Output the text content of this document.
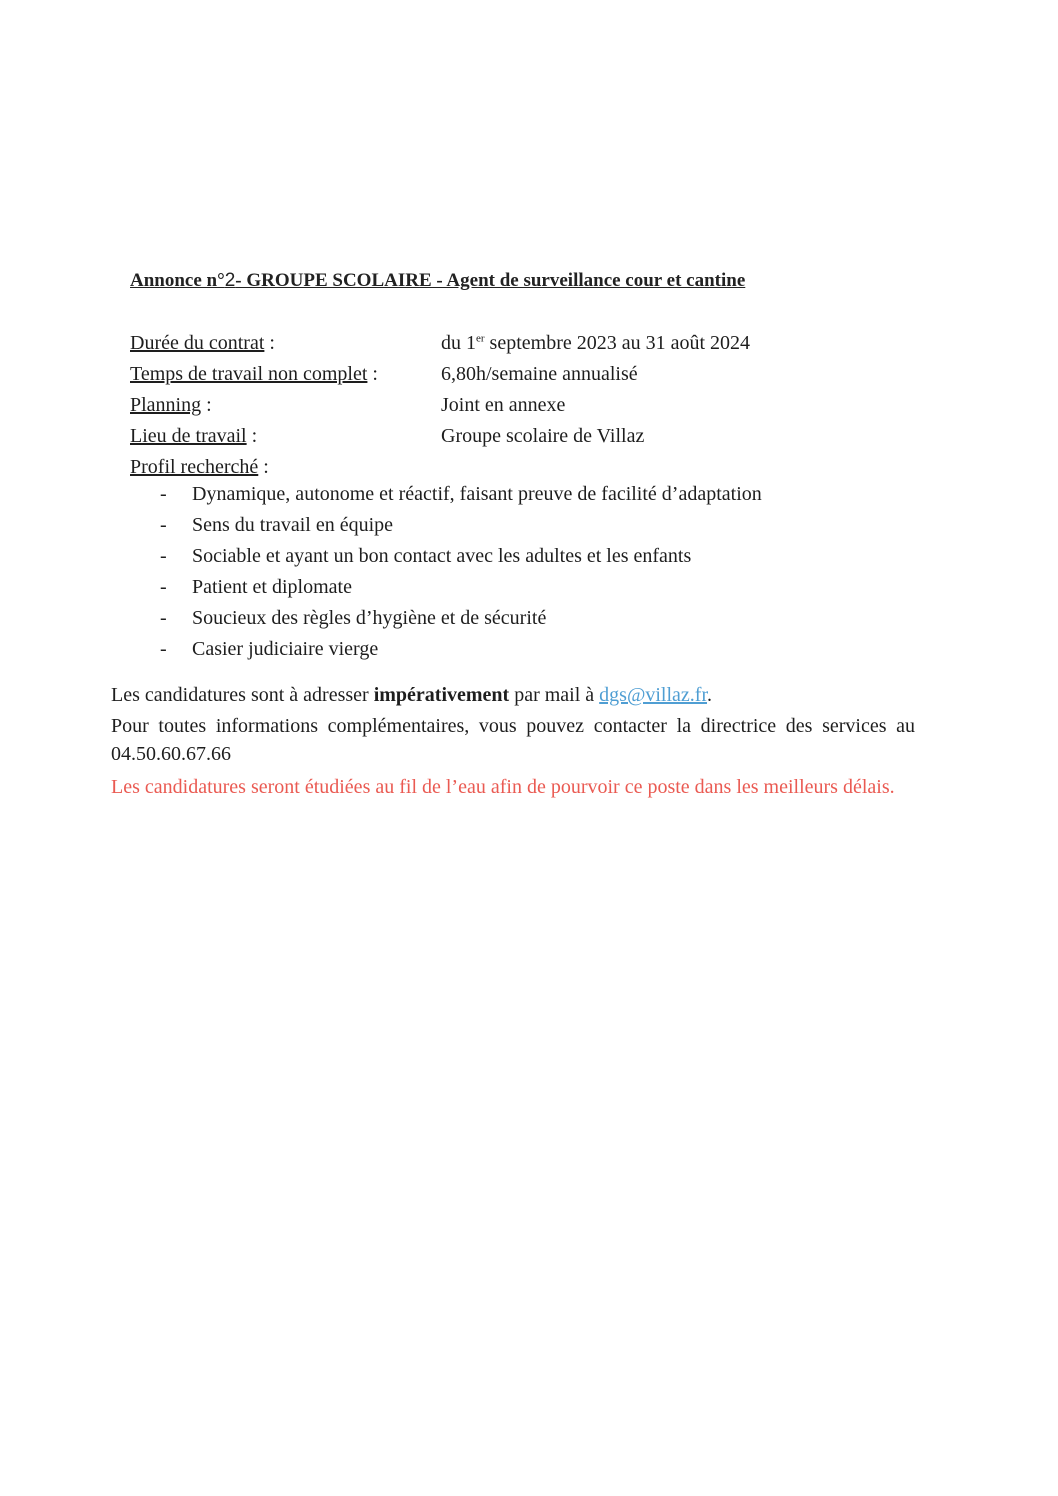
Annonce n°2- GROUPE SCOLAIRE - Agent de surveillance cour et cantine
Durée du contrat :	du 1er septembre 2023 au 31 août 2024
Temps de travail non complet :	6,80h/semaine annualisé
Planning :	Joint en annexe
Lieu de travail :	Groupe scolaire de Villaz
Profil recherché :
- Dynamique, autonome et réactif, faisant preuve de facilité d’adaptation
- Sens du travail en équipe
- Sociable et ayant un bon contact avec les adultes et les enfants
- Patient et diplomate
- Soucieux des règles d’hygiène et de sécurité
- Casier judiciaire vierge
Les candidatures sont à adresser impérativement par mail à dgs@villaz.fr.
Pour toutes informations complémentaires, vous pouvez contacter la directrice des services au 04.50.60.67.66
Les candidatures seront étudiées au fil de l’eau afin de pourvoir ce poste dans les meilleurs délais.
